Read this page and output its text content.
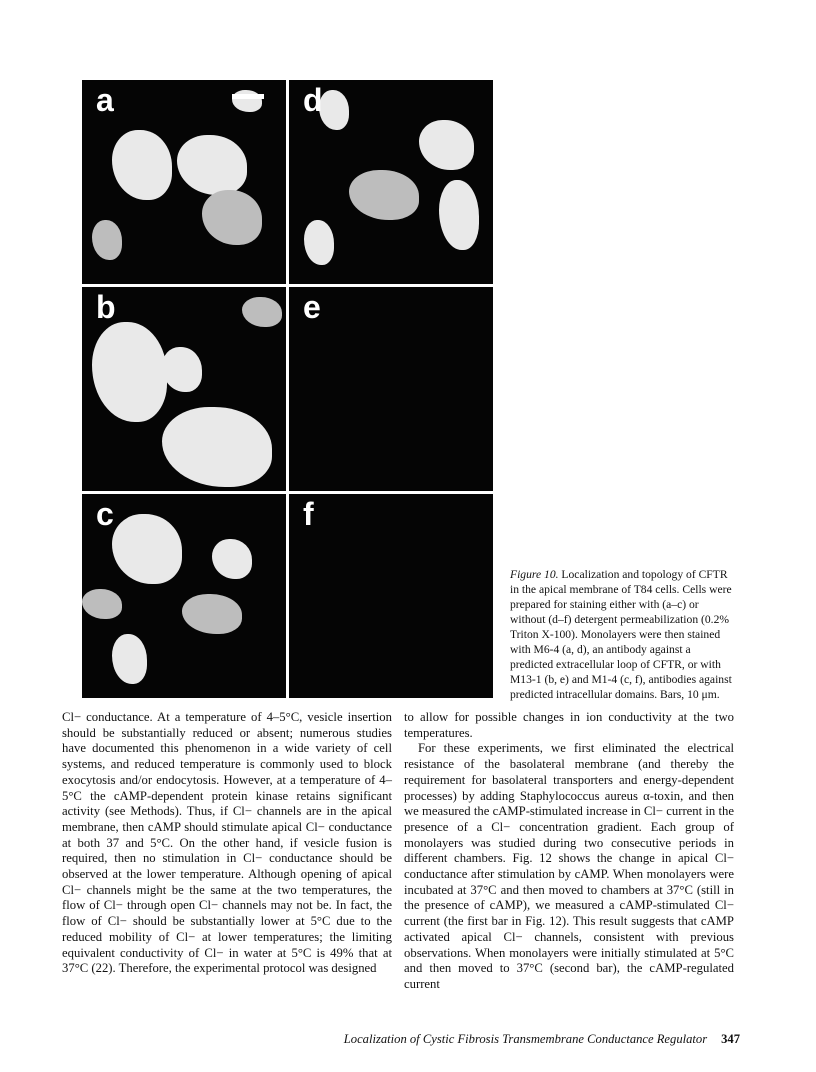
a	d
b	e
c	f
Figure 10. Localization and topology of CFTR in the apical membrane of T84 cells. Cells were prepared for staining either with (a–c) or without (d–f) detergent permeabilization (0.2% Triton X-100). Monolayers were then stained with M6-4 (a, d), an antibody against a predicted extracellular loop of CFTR, or with M13-1 (b, e) and M1-4 (c, f), antibodies against predicted intracellular domains. Bars, 10 μm.

Cl− conductance. At a temperature of 4–5°C, vesicle insertion should be substantially reduced or absent; numerous studies have documented this phenomenon in a wide variety of cell systems, and reduced temperature is commonly used to block exocytosis and/or endocytosis. However, at a temperature of 4–5°C the cAMP-dependent protein kinase retains significant activity (see Methods). Thus, if Cl− channels are in the apical membrane, then cAMP should stimulate apical Cl− conductance at both 37 and 5°C. On the other hand, if vesicle fusion is required, then no stimulation in Cl− conductance should be observed at the lower temperature. Although opening of apical Cl− channels might be the same at the two temperatures, the flow of Cl− through open Cl− channels may not be. In fact, the flow of Cl− should be substantially lower at 5°C due to the reduced mobility of Cl− at lower temperatures; the limiting equivalent conductivity of Cl− in water at 5°C is 49% that at 37°C (22). Therefore, the experimental protocol was designed

to allow for possible changes in ion conductivity at the two temperatures.

For these experiments, we first eliminated the electrical resistance of the basolateral membrane (and thereby the requirement for basolateral transporters and energy-dependent processes) by adding Staphylococcus aureus α-toxin, and then we measured the cAMP-stimulated increase in Cl− current in the presence of a Cl− concentration gradient. Each group of monolayers was studied during two consecutive periods in different chambers. Fig. 12 shows the change in apical Cl− conductance after stimulation by cAMP. When monolayers were incubated at 37°C and then moved to chambers at 37°C (still in the presence of cAMP), we measured a cAMP-stimulated Cl− current (the first bar in Fig. 12). This result suggests that cAMP activated apical Cl− channels, consistent with previous observations. When monolayers were initially stimulated at 5°C and then moved to 37°C (second bar), the cAMP-regulated current

Localization of Cystic Fibrosis Transmembrane Conductance Regulator 347
